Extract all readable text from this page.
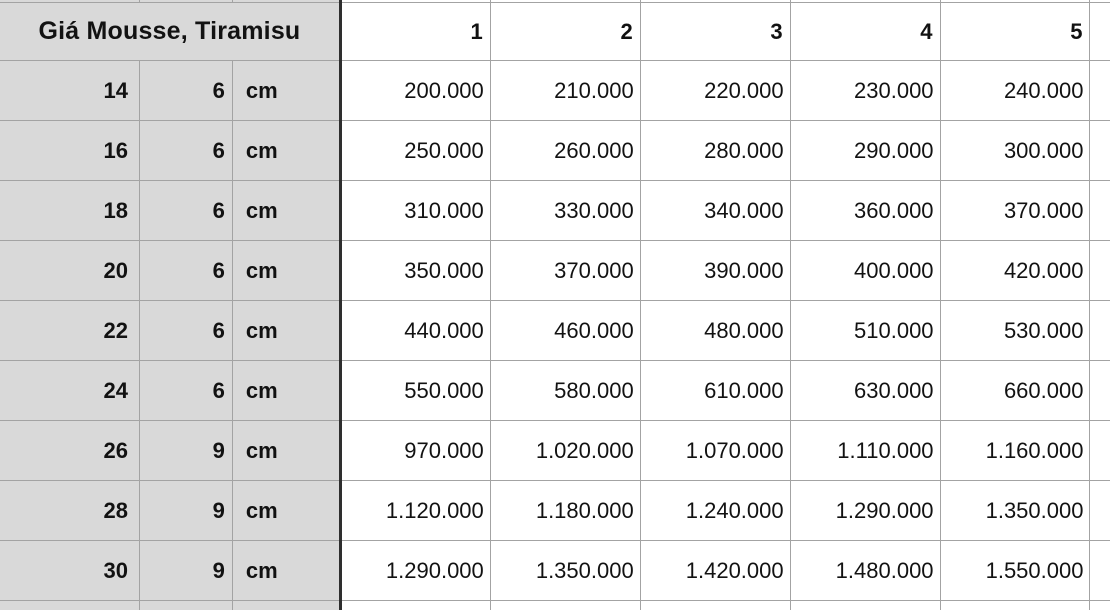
Giá Mousse, Tiramisu			1	2	3	4	5	
14	6	cm	200.000	210.000	220.000	230.000	240.000	
16	6	cm	250.000	260.000	280.000	290.000	300.000	
18	6	cm	310.000	330.000	340.000	360.000	370.000	
20	6	cm	350.000	370.000	390.000	400.000	420.000	
22	6	cm	440.000	460.000	480.000	510.000	530.000	
24	6	cm	550.000	580.000	610.000	630.000	660.000	
26	9	cm	970.000	1.020.000	1.070.000	1.110.000	1.160.000	
28	9	cm	1.120.000	1.180.000	1.240.000	1.290.000	1.350.000	
30	9	cm	1.290.000	1.350.000	1.420.000	1.480.000	1.550.000	
